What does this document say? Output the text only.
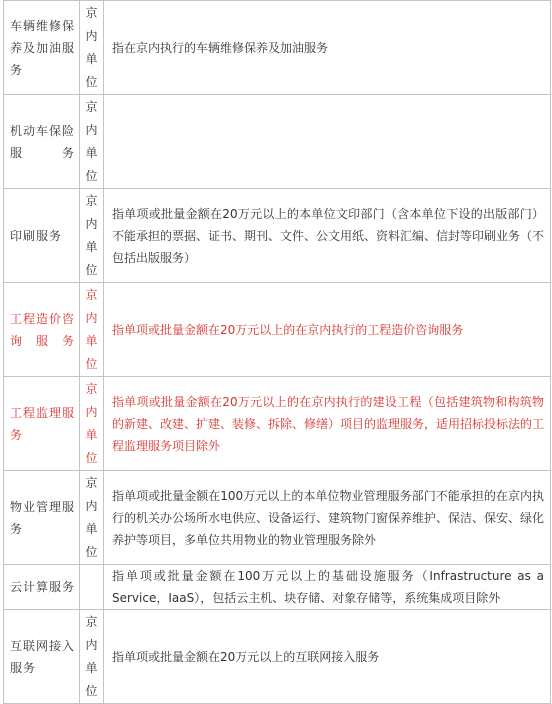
车辆维修保养及加油服务	京内单位	指在京内执行的车辆维修保养及加油服务
机动车保险服务	京内单位	

印刷服务	京内单位	指单项或批量金额在20万元以上的本单位文印部门（含本单位下设的出版部门）不能承担的票据、证书、期刊、文件、公文用纸、资料汇编、信封等印刷业务（不包括出版服务）
工程造价咨询服务	京内单位	指单项或批量金额在20万元以上的在京内执行的工程造价咨询服务
工程监理服务	京内单位	指单项或批量金额在20万元以上的在京内执行的建设工程（包括建筑物和构筑物的新建、改建、扩建、装修、拆除、修缮）项目的监理服务，适用招标投标法的工程监理服务项目除外
物业管理服务	京内单位	指单项或批量金额在100万元以上的本单位物业管理服务部门不能承担的在京内执行的机关办公场所水电供应、设备运行、建筑物门窗保养维护、保洁、保安、绿化养护等项目，多单位共用物业的物业管理服务除外
云计算服务		指单项或批量金额在100万元以上的基础设施服务（Infrastructure as a Service，IaaS），包括云主机、块存储、对象存储等，系统集成项目除外
互联网接入服务	京内单位	指单项或批量金额在20万元以上的互联网接入服务
